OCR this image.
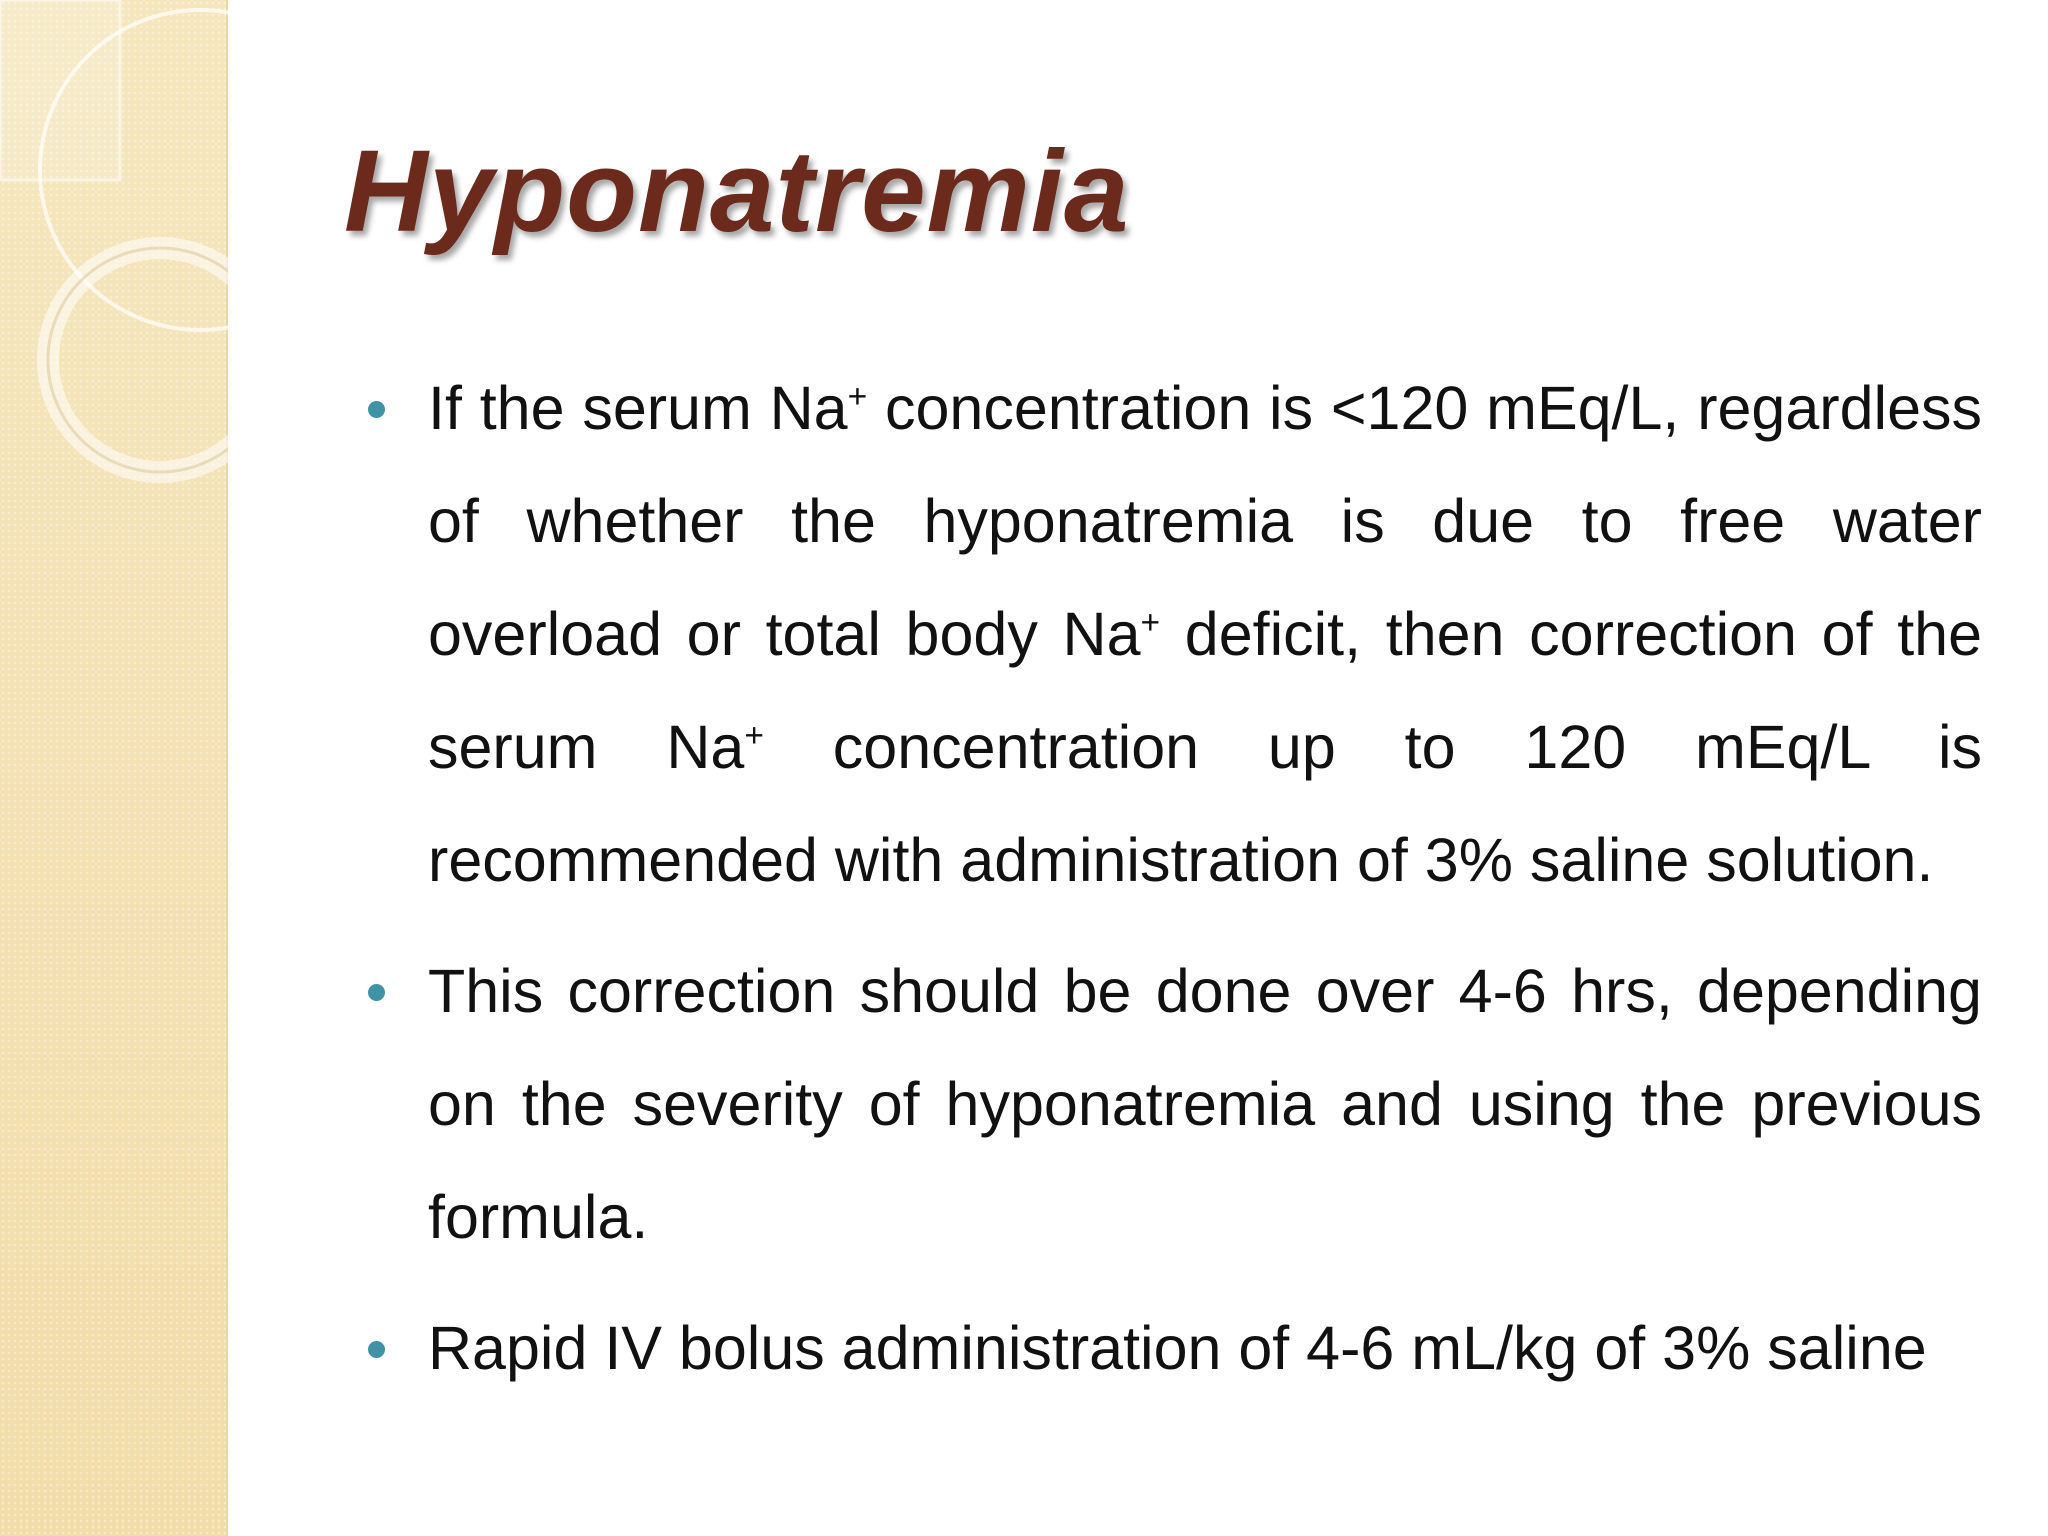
Hyponatremia

If the serum Na+ concentration is <120 mEq/L, regardless of whether the hyponatremia is due to free water overload or total body Na+ deficit, then correction of the serum Na+ concentration up to 120 mEq/L is recommended with administration of 3% saline solution.

This correction should be done over 4-6 hrs, depending on the severity of hyponatremia and using the previous formula.

Rapid IV bolus administration of 4-6 mL/kg of 3% saline
